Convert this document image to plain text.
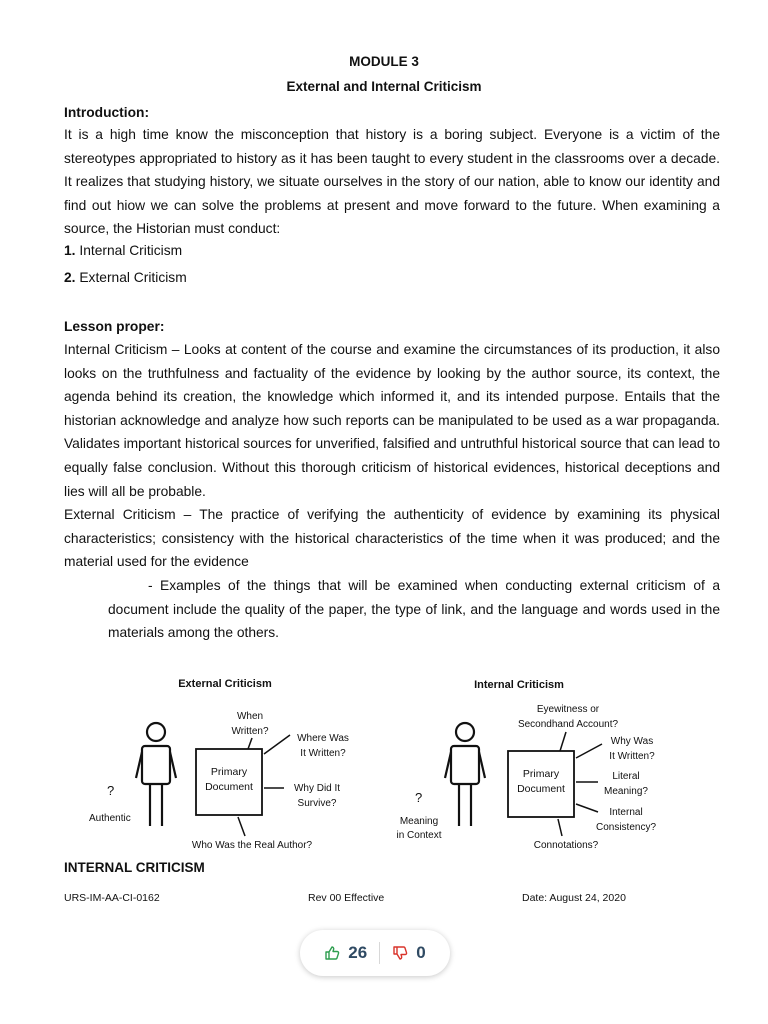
MODULE 3
External and Internal Criticism
Introduction:
It is a high time know the misconception that history is a boring subject. Everyone is a victim of the stereotypes appropriated to history as it has been taught to every student in the classrooms over a decade. It realizes that studying history, we situate ourselves in the story of our nation, able to know our identity and find out hiow we can solve the problems at present and move forward to the future. When examining a source, the Historian must conduct:
1. Internal Criticism
2. External Criticism
Lesson proper:
Internal Criticism – Looks at content of the course and examine the circumstances of its production, it also looks on the truthfulness and factuality of the evidence by looking by the author source, its context, the agenda behind its creation, the knowledge which informed it, and its intended purpose. Entails that the historian acknowledge and analyze how such reports can be manipulated to be used as a war propaganda. Validates important historical sources for unverified, falsified and untruthful historical source that can lead to equally false conclusion. Without this thorough criticism of historical evidences, historical deceptions and lies will all be probable.
External Criticism – The practice of verifying the authenticity of evidence by examining its physical characteristics; consistency with the historical characteristics of the time when it was produced; and the material used for the evidence
- Examples of the things that will be examined when conducting external criticism of a document include the quality of the paper, the type of link, and the language and words used in the materials among the others.
External Criticism
?
Authentic
Primary
Document
When
Written?
Where Was
It Written?
Why Did It
Survive?
Who Was the Real Author?
Internal Criticism
?
Meaning
in Context
Primary
Document
Eyewitness or
Secondhand Account?
Why Was
It Written?
Literal
Meaning?
Internal
Consistency?
Connotations?
INTERNAL CRITICISM
URS-IM-AA-CI-0162	Rev 00 Effective	Date: August 24, 2020
26	0
